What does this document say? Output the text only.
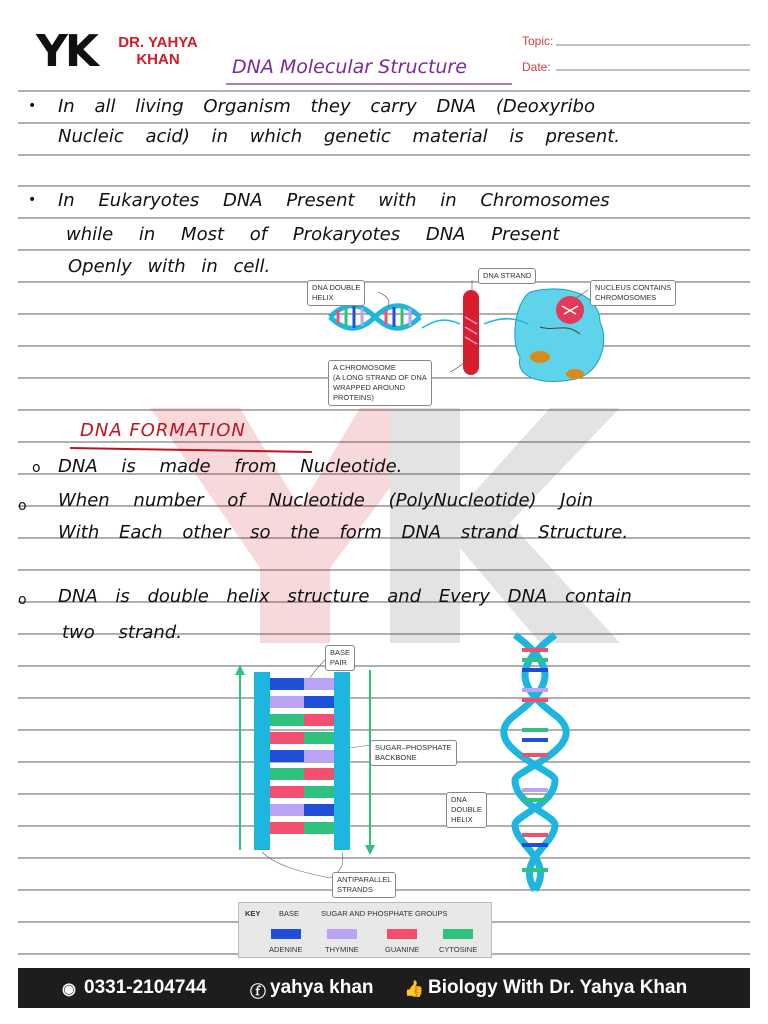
YK DR. YAHYA KHAN
Topic:
Date:
DNA Molecular Structure
• In all living Organism they carry DNA (Deoxyribo
Nucleic acid) in which genetic material is present.
• In Eukaryotes DNA Present with in Chromosomes
while in Most of Prokaryotes DNA Present
Openly with in cell.
DNA DOUBLE
HELIX
DNA STRAND
NUCLEUS CONTAINS
CHROMOSOMES
A CHROMOSOME
(A LONG STRAND OF DNA
WRAPPED AROUND
PROTEINS)
DNA FORMATION
o DNA is made from Nucleotide.
o When number of Nucleotide (PolyNucleotide) Join
With Each other so the form DNA strand Structure.
o DNA is double helix structure and Every DNA contain
two strand.
BASE
PAIR
SUGAR–PHOSPHATE
BACKBONE
ANTIPARALLEL
STRANDS
DNA
DOUBLE
HELIX
KEY BASE	SUGAR AND PHOSPHATE GROUPS
ADENINE	THYMINE	GUANINE	CYTOSINE
◉ 0331-2104744	ⓕ yahya khan 👍 Biology With Dr. Yahya Khan
